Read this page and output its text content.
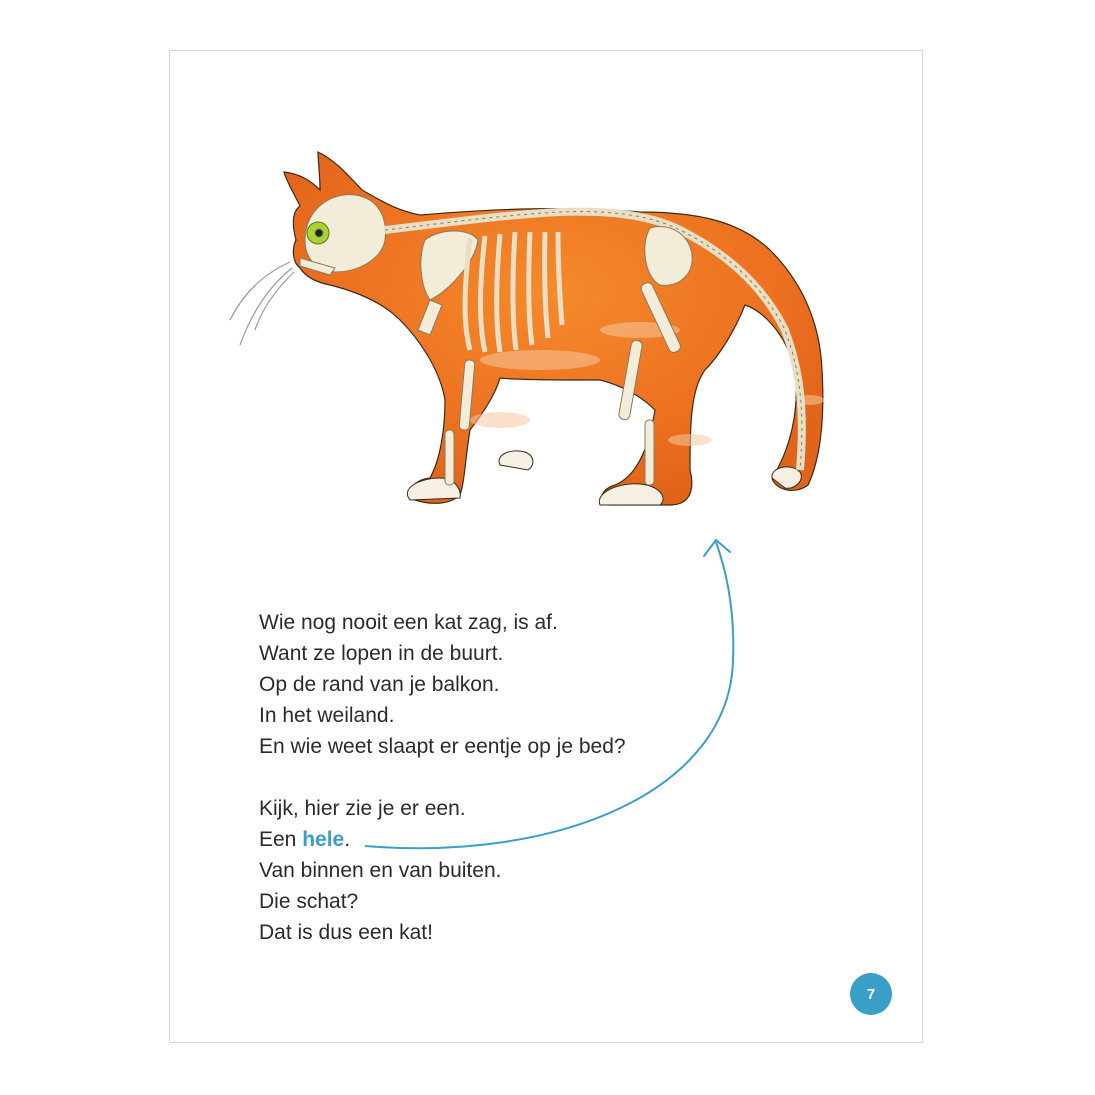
Wie nog nooit een kat zag, is af.
Want ze lopen in de buurt.
Op de rand van je balkon.
In het weiland.
En wie weet slaapt er eentje op je bed?
Kijk, hier zie je er een.
Een hele.
Van binnen en van buiten.
Die schat?
Dat is dus een kat!
7
